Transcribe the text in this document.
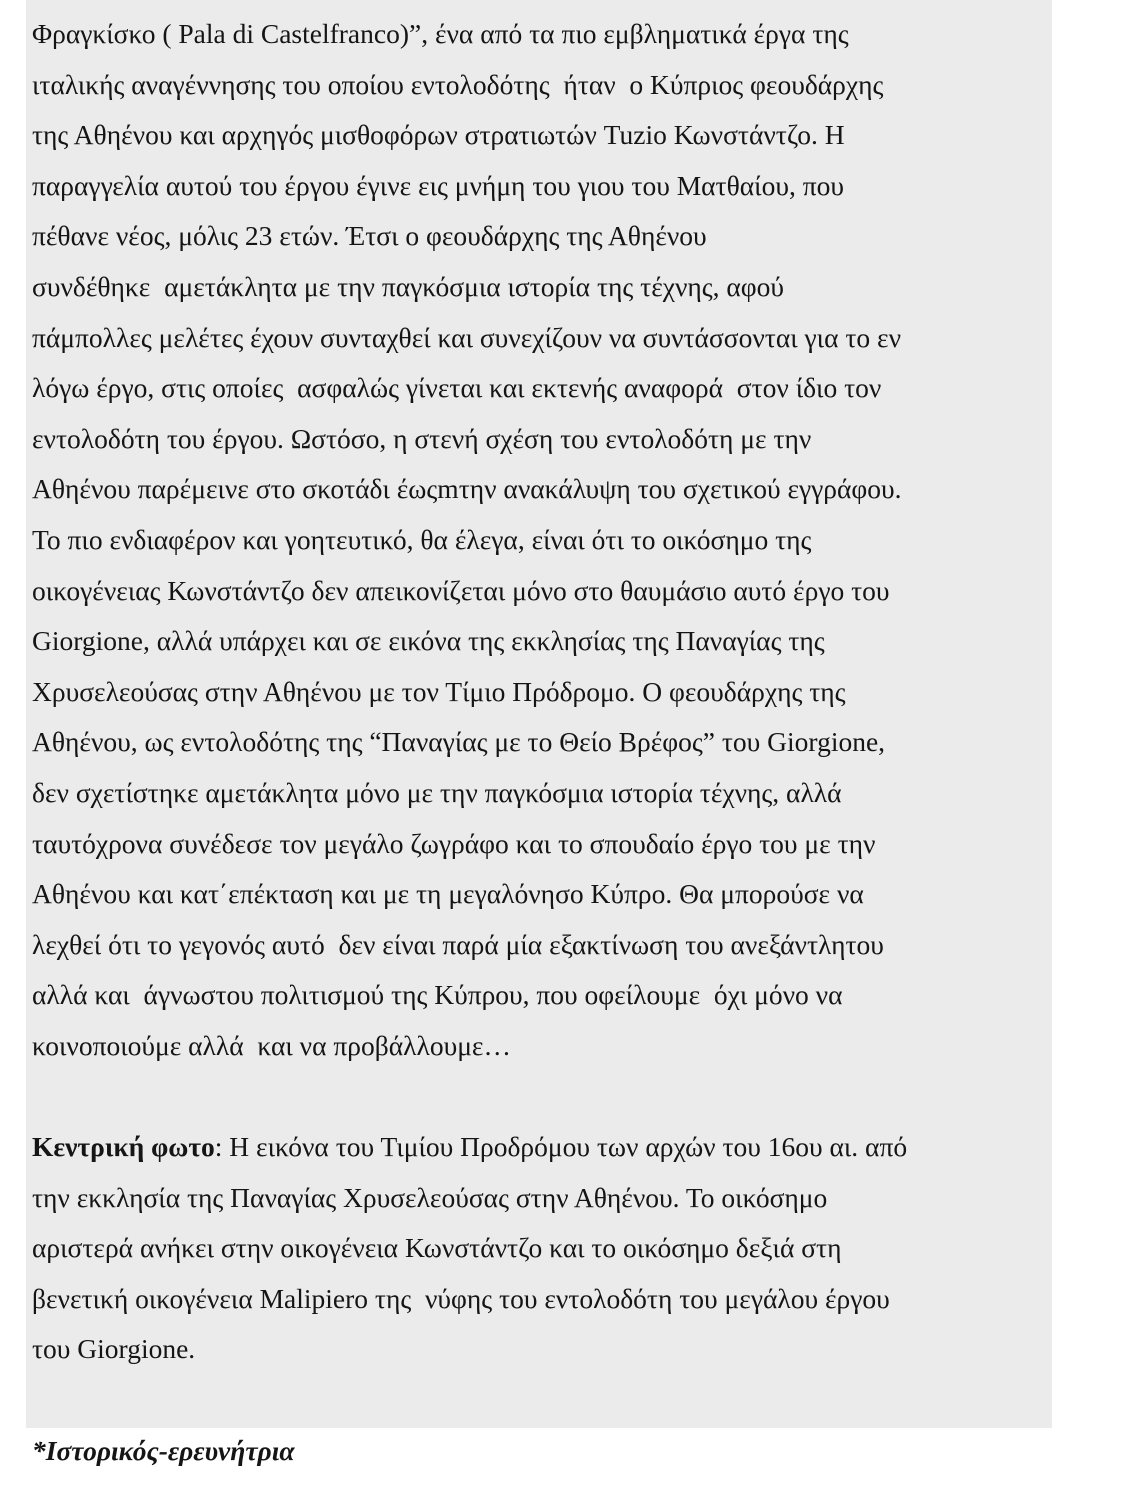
Φραγκίσκο ( Pala di Castelfranco)”, ένα από τα πιο εμβληματικά έργα της
ιταλικής αναγέννησης του οποίου εντολοδότης  ήταν  ο Κύπριος φεουδάρχης
της Αθηένου και αρχηγός μισθοφόρων στρατιωτών Tuzio Κωνστάντζο. Η
παραγγελία αυτού του έργου έγινε εις μνήμη του γιου του Ματθαίου, που
πέθανε νέος, μόλις 23 ετών. Έτσι ο φεουδάρχης της Αθηένου
συνδέθηκε  αμετάκλητα με την παγκόσμια ιστορία της τέχνης, αφού
πάμπολλες μελέτες έχουν συνταχθεί και συνεχίζουν να συντάσσονται για το εν
λόγω έργο, στις οποίες  ασφαλώς γίνεται και εκτενής αναφορά  στον ίδιο τον
εντολοδότη του έργου. Ωστόσο, η στενή σχέση του εντολοδότη με την
Αθηένου παρέμεινε στο σκοτάδι έωςmτην ανακάλυψη του σχετικού εγγράφου.
Το πιο ενδιαφέρον και γοητευτικό, θα έλεγα, είναι ότι το οικόσημο της
οικογένειας Κωνστάντζο δεν απεικονίζεται μόνο στο θαυμάσιο αυτό έργο του
Giorgione, αλλά υπάρχει και σε εικόνα της εκκλησίας της Παναγίας της
Χρυσελεούσας στην Αθηένου με τον Τίμιο Πρόδρομο. Ο φεουδάρχης της
Αθηένου, ως εντολοδότης της “Παναγίας με το Θείο Βρέφος” του Giorgione,
δεν σχετίστηκε αμετάκλητα μόνο με την παγκόσμια ιστορία τέχνης, αλλά
ταυτόχρονα συνέδεσε τον μεγάλο ζωγράφο και το σπουδαίο έργο του με την
Αθηένου και κατ΄επέκταση και με τη μεγαλόνησο Κύπρο. Θα μπορούσε να
λεχθεί ότι το γεγονός αυτό  δεν είναι παρά μία εξακτίνωση του ανεξάντλητου
αλλά και  άγνωστου πολιτισμού της Κύπρου, που οφείλουμε  όχι μόνο να
κοινοποιούμε αλλά  και να προβάλλουμε…
Κεντρική φωτο: Η εικόνα του Τιμίου Προδρόμου των αρχών του 16ου αι. από
την εκκλησία της Παναγίας Χρυσελεούσας στην Αθηένου. Το οικόσημο
αριστερά ανήκει στην οικογένεια Κωνστάντζο και το οικόσημο δεξιά στη
βενετική οικογένεια Malipiero της  νύφης του εντολοδότη του μεγάλου έργου
του Giorgione.
*Ιστορικός-ερευνήτρια
